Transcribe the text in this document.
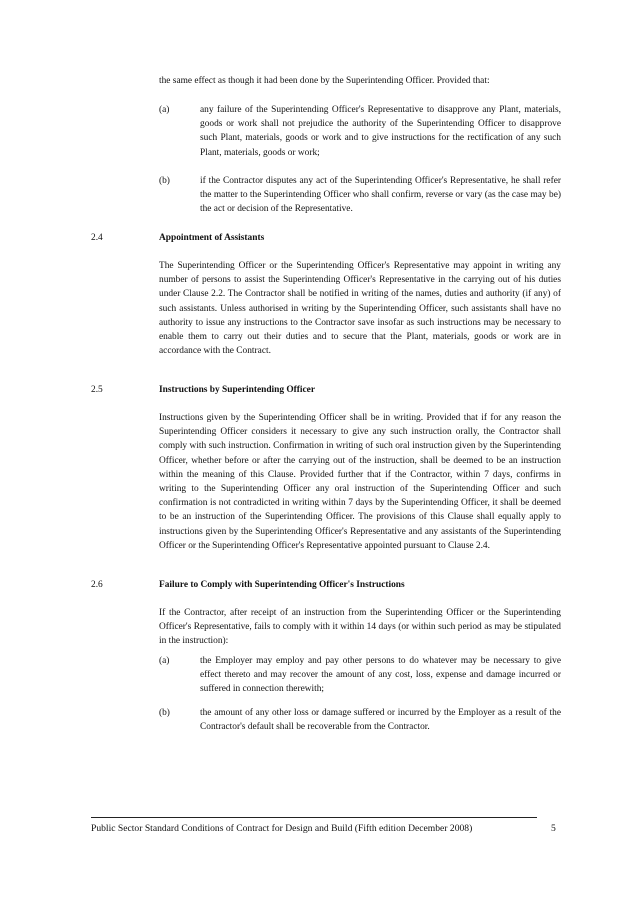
the same effect as though it had been done by the Superintending Officer. Provided that:
(a)	any failure of the Superintending Officer's Representative to disapprove any Plant, materials, goods or work shall not prejudice the authority of the Superintending Officer to disapprove such Plant, materials, goods or work and to give instructions for the rectification of any such Plant, materials, goods or work;
(b)	if the Contractor disputes any act of the Superintending Officer's Representative, he shall refer the matter to the Superintending Officer who shall confirm, reverse or vary (as the case may be) the act or decision of the Representative.
2.4	Appointment of Assistants
The Superintending Officer or the Superintending Officer's Representative may appoint in writing any number of persons to assist the Superintending Officer's Representative in the carrying out of his duties under Clause 2.2. The Contractor shall be notified in writing of the names, duties and authority (if any) of such assistants. Unless authorised in writing by the Superintending Officer, such assistants shall have no authority to issue any instructions to the Contractor save insofar as such instructions may be necessary to enable them to carry out their duties and to secure that the Plant, materials, goods or work are in accordance with the Contract.
2.5	Instructions by Superintending Officer
Instructions given by the Superintending Officer shall be in writing. Provided that if for any reason the Superintending Officer considers it necessary to give any such instruction orally, the Contractor shall comply with such instruction. Confirmation in writing of such oral instruction given by the Superintending Officer, whether before or after the carrying out of the instruction, shall be deemed to be an instruction within the meaning of this Clause. Provided further that if the Contractor, within 7 days, confirms in writing to the Superintending Officer any oral instruction of the Superintending Officer and such confirmation is not contradicted in writing within 7 days by the Superintending Officer, it shall be deemed to be an instruction of the Superintending Officer. The provisions of this Clause shall equally apply to instructions given by the Superintending Officer's Representative and any assistants of the Superintending Officer or the Superintending Officer's Representative appointed pursuant to Clause 2.4.
2.6	Failure to Comply with Superintending Officer's Instructions
If the Contractor, after receipt of an instruction from the Superintending Officer or the Superintending Officer's Representative, fails to comply with it within 14 days (or within such period as may be stipulated in the instruction):
(a)	the Employer may employ and pay other persons to do whatever may be necessary to give effect thereto and may recover the amount of any cost, loss, expense and damage incurred or suffered in connection therewith;
(b)	the amount of any other loss or damage suffered or incurred by the Employer as a result of the Contractor's default shall be recoverable from the Contractor.
Public Sector Standard Conditions of Contract for Design and Build (Fifth edition December 2008)	5
